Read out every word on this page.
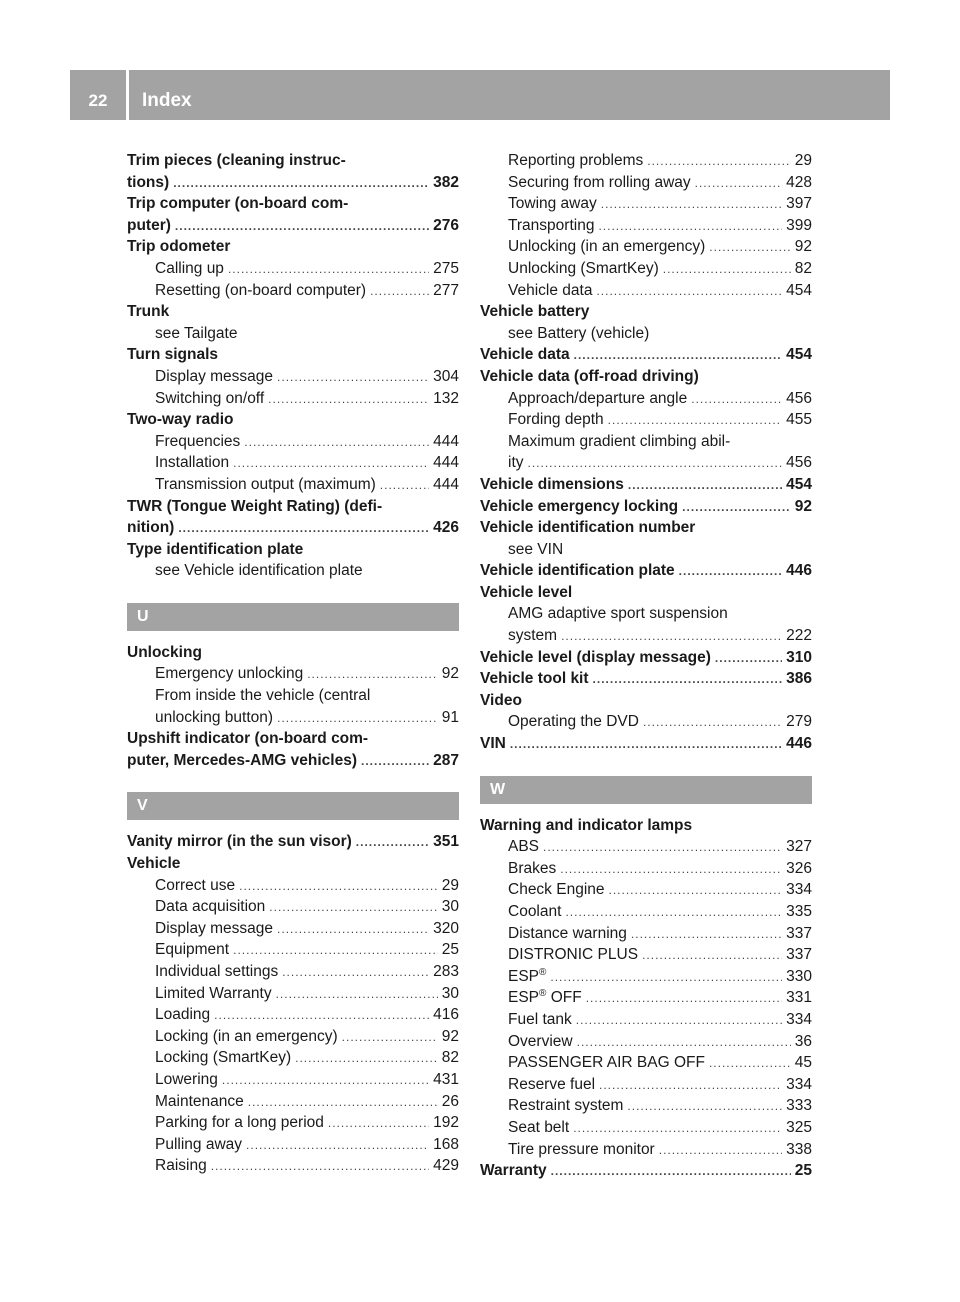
22	Index
Trim pieces (cleaning instruc-
tions) .....	382
Trip computer (on-board com-
puter) .....	276
Trip odometer
Calling up .....	275
Resetting (on-board computer) .....	277
Trunk
see Tailgate
Turn signals
Display message .....	304
Switching on/off .....	132
Two-way radio
Frequencies .....	444
Installation .....	444
Transmission output (maximum) .....	444
TWR (Tongue Weight Rating) (defi-
nition) .....	426
Type identification plate
see Vehicle identification plate
U
Unlocking
Emergency unlocking .....	92
From inside the vehicle (central
unlocking button) .....	91
Upshift indicator (on-board com-
puter, Mercedes-AMG vehicles) .....	287
V
Vanity mirror (in the sun visor) .....	351
Vehicle
Correct use .....	29
Data acquisition .....	30
Display message .....	320
Equipment .....	25
Individual settings .....	283
Limited Warranty .....	30
Loading .....	416
Locking (in an emergency) .....	92
Locking (SmartKey) .....	82
Lowering .....	431
Maintenance .....	26
Parking for a long period .....	192
Pulling away .....	168
Raising .....	429
Reporting problems .....	29
Securing from rolling away .....	428
Towing away .....	397
Transporting .....	399
Unlocking (in an emergency) .....	92
Unlocking (SmartKey) .....	82
Vehicle data .....	454
Vehicle battery
see Battery (vehicle)
Vehicle data .....	454
Vehicle data (off-road driving)
Approach/departure angle .....	456
Fording depth .....	455
Maximum gradient climbing abil-
ity .....	456
Vehicle dimensions .....	454
Vehicle emergency locking .....	92
Vehicle identification number
see VIN
Vehicle identification plate .....	446
Vehicle level
AMG adaptive sport suspension
system .....	222
Vehicle level (display message) .....	310
Vehicle tool kit .....	386
Video
Operating the DVD .....	279
VIN .....	446
W
Warning and indicator lamps
ABS .....	327
Brakes .....	326
Check Engine .....	334
Coolant .....	335
Distance warning .....	337
DISTRONIC PLUS .....	337
ESP® .....	330
ESP® OFF .....	331
Fuel tank .....	334
Overview .....	36
PASSENGER AIR BAG OFF .....	45
Reserve fuel .....	334
Restraint system .....	333
Seat belt .....	325
Tire pressure monitor .....	338
Warranty .....	25
